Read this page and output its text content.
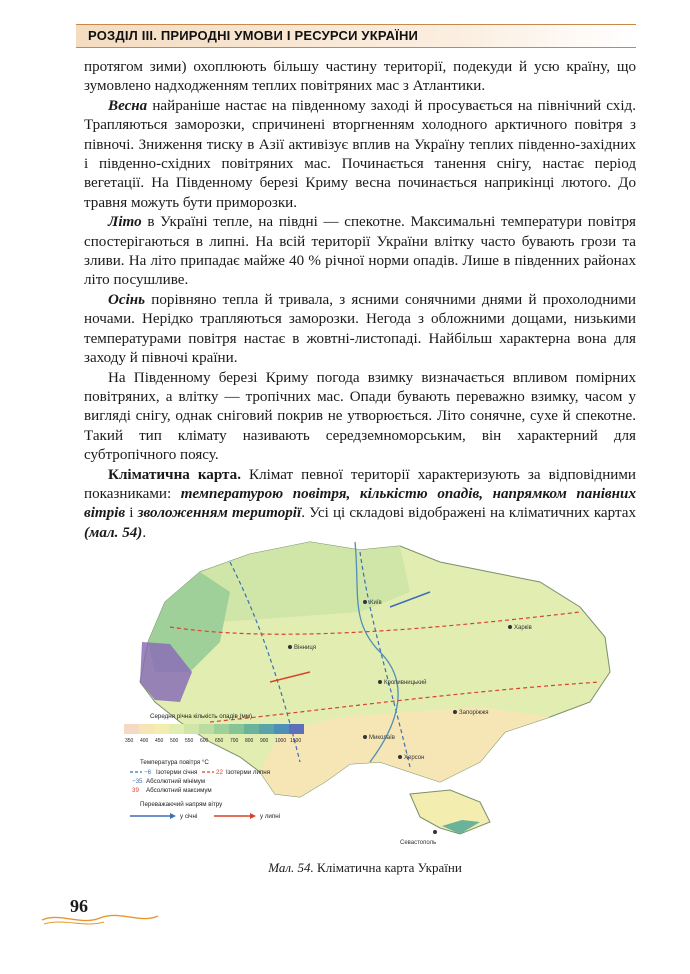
РОЗДІЛ ІІІ. ПРИРОДНІ УМОВИ І РЕСУРСИ УКРАЇНИ

протягом зими) охоплюють більшу частину території, подекуди й усю країну, що зумовлено надходженням теплих повітряних мас з Атлантики.

Весна найраніше настає на південному заході й просувається на північний схід. Трапляються заморозки, спричинені вторгненням холодного арктичного повітря з півночі. Зниження тиску в Азії активізує вплив на Україну теплих південно-західних і південно-східних повітряних мас. Починається танення снігу, настає період вегетації. На Південному березі Криму весна починається наприкінці лютого. До травня можуть бути приморозки.

Літо в Україні тепле, на півдні — спекотне. Максимальні температури повітря спостерігаються в липні. На всій території України влітку часто бувають грози та зливи. На літо припадає майже 40 % річної норми опадів. Лише в південних районах літо посушливе.

Осінь порівняно тепла й тривала, з ясними сонячними днями й прохолодними ночами. Нерідко трапляються заморозки. Негода з обложними дощами, низькими температурами повітря настає в жовтні-листопаді. Найбільш характерна вона для заходу й півночі країни.

На Південному березі Криму погода взимку визначається впливом помірних повітряних, а влітку — тропічних мас. Опади бувають переважно взимку, часом у вигляді снігу, однак сніговий покрив не утворюється. Літо сонячне, сухе й спекотне. Такий тип клімату називають середземноморським, він характерний для субтропічного поясу.

Кліматична карта. Клімат певної території характеризують за відповідними показниками: температурою повітря, кількістю опадів, напрямком панівних вітрів і зволоженням території. Усі ці складові відображені на кліматичних картах (мал. 54).

Київ
Харків
Вінниця
Кропивницький
Миколаїв
Херсон
Запоріжжя
Севастополь
Середня річна кількість опадів (мм)
350 400 450 500 550 600 650 700 800 900 1000 1500
Температура повітря °С
−6 Ізотерми січня	22 Ізотерми липня
−35 Абсолютний мінімум
39 Абсолютний максимум
Переважаючий напрям вітру
у січні	у липні
Мал. 54. Кліматична карта України
96
